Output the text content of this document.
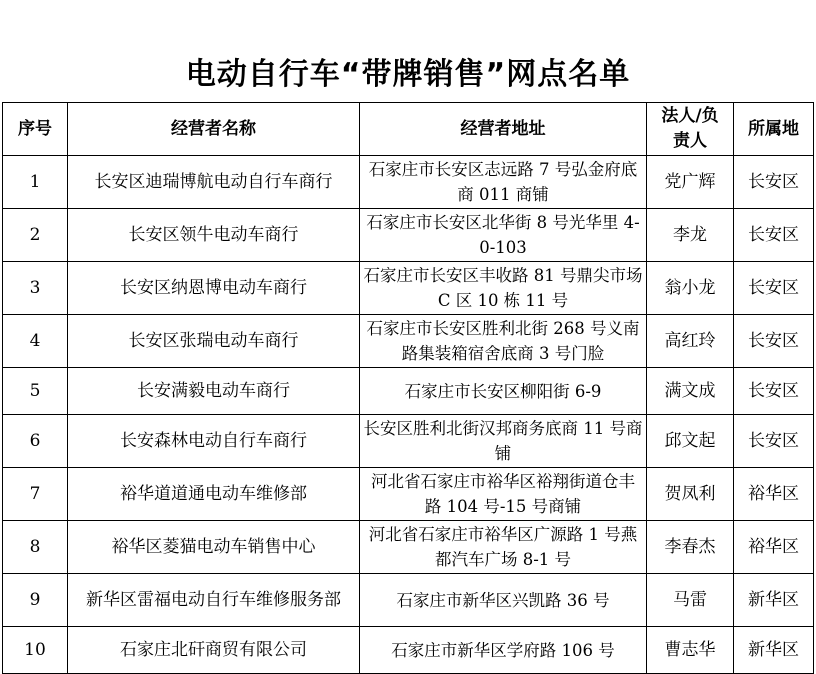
电动自行车“带牌销售”网点名单
序号	经营者名称	经营者地址	法人/负责人	所属地
1	长安区迪瑞博航电动自行车商行	石家庄市长安区志远路 7 号弘金府底商 011 商铺	党广辉	长安区
2	长安区领牛电动车商行	石家庄市长安区北华街 8 号光华里 4-0-103	李龙	长安区
3	长安区纳恩博电动车商行	石家庄市长安区丰收路 81 号鼎尖市场 C 区 10 栋 11 号	翁小龙	长安区
4	长安区张瑞电动车商行	石家庄市长安区胜利北街 268 号义南路集装箱宿舍底商 3 号门脸	高红玲	长安区
5	长安满毅电动车商行	石家庄市长安区柳阳街 6-9	满文成	长安区
6	长安森林电动自行车商行	长安区胜利北街汉邦商务底商 11 号商铺	邱文起	长安区
7	裕华道道通电动车维修部	河北省石家庄市裕华区裕翔街道仓丰路 104 号-15 号商铺	贺凤利	裕华区
8	裕华区菱猫电动车销售中心	河北省石家庄市裕华区广源路 1 号燕都汽车广场 8-1 号	李春杰	裕华区
9	新华区雷福电动自行车维修服务部	石家庄市新华区兴凯路 36 号	马雷	新华区
10	石家庄北矸商贸有限公司	石家庄市新华区学府路 106 号	曹志华	新华区
